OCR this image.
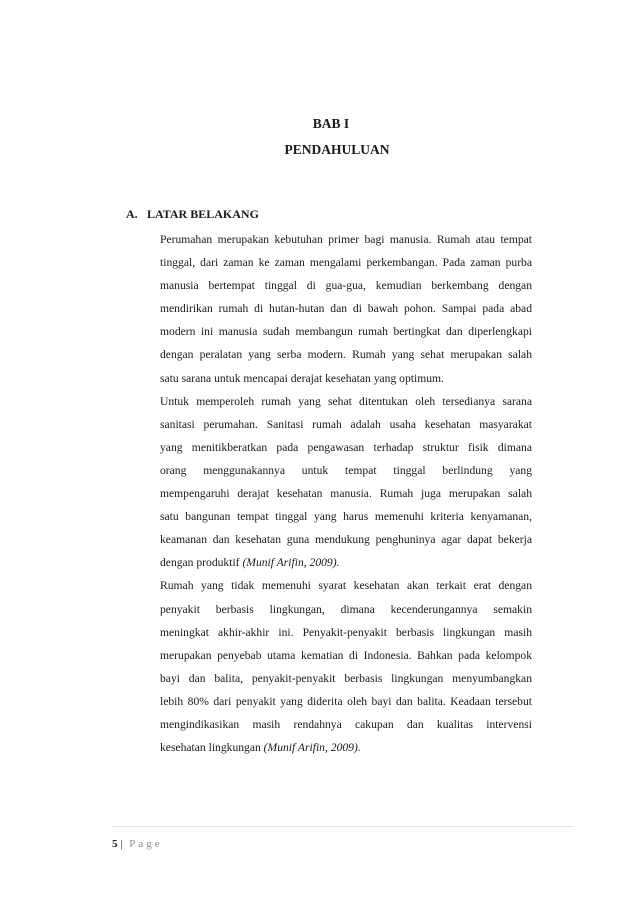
BAB I
PENDAHULUAN
A. LATAR BELAKANG
Perumahan merupakan kebutuhan primer bagi manusia. Rumah atau tempat
tinggal, dari zaman ke zaman mengalami perkembangan. Pada zaman purba
manusia bertempat tinggal di gua-gua, kemudian berkembang dengan
mendirikan rumah di hutan-hutan dan di bawah pohon. Sampai pada abad
modern ini manusia sudah membangun rumah bertingkat dan diperlengkapi
dengan peralatan yang serba modern. Rumah yang sehat merupakan salah
satu sarana untuk mencapai derajat kesehatan yang optimum.
Untuk memperoleh rumah yang sehat ditentukan oleh tersedianya sarana
sanitasi perumahan. Sanitasi rumah adalah usaha kesehatan masyarakat
yang menitikberatkan pada pengawasan terhadap struktur fisik dimana
orang menggunakannya untuk tempat tinggal berlindung yang
mempengaruhi derajat kesehatan manusia. Rumah juga merupakan salah
satu bangunan tempat tinggal yang harus memenuhi kriteria kenyamanan,
keamanan dan kesehatan guna mendukung penghuninya agar dapat bekerja
dengan produktif (Munif Arifin, 2009).
Rumah yang tidak memenuhi syarat kesehatan akan terkait erat dengan
penyakit berbasis lingkungan, dimana kecenderungannya semakin
meningkat akhir-akhir ini. Penyakit-penyakit berbasis lingkungan masih
merupakan penyebab utama kematian di Indonesia. Bahkan pada kelompok
bayi dan balita, penyakit-penyakit berbasis lingkungan menyumbangkan
lebih 80% dari penyakit yang diderita oleh bayi dan balita. Keadaan tersebut
mengindikasikan masih rendahnya cakupan dan kualitas intervensi
kesehatan lingkungan (Munif Arifin, 2009).
5 | Page
